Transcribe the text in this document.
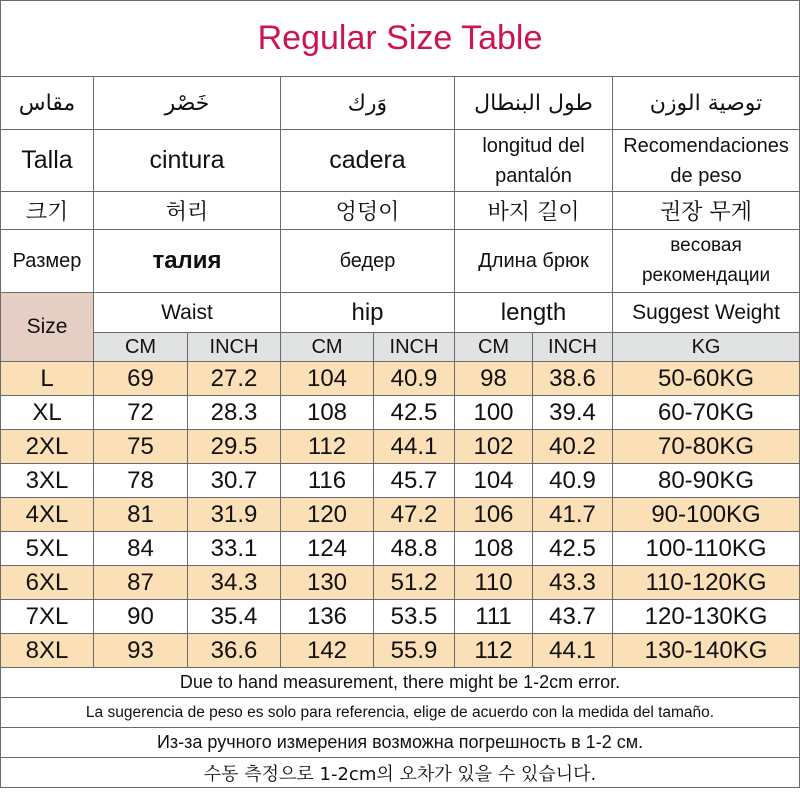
Regular Size Table							
مقاس	خَصْر		وَرك		طول البنطال		توصية الوزن
Talla	cintura		cadera		longitud del pantalón		Recomendaciones de peso
크기	허리		엉덩이		바지 길이		권장 무게
Размер	талия		бедер		Длина брюк		весовая рекомендации
Size	Waist		hip		length		Suggest Weight
	CM	INCH	CM	INCH	CM	INCH	KG
L	69	27.2	104	40.9	98	38.6	50-60KG
XL	72	28.3	108	42.5	100	39.4	60-70KG
2XL	75	29.5	112	44.1	102	40.2	70-80KG
3XL	78	30.7	116	45.7	104	40.9	80-90KG
4XL	81	31.9	120	47.2	106	41.7	90-100KG
5XL	84	33.1	124	48.8	108	42.5	100-110KG
6XL	87	34.3	130	51.2	110	43.3	110-120KG
7XL	90	35.4	136	53.5	111	43.7	120-130KG
8XL	93	36.6	142	55.9	112	44.1	130-140KG
Due to hand measurement, there might be 1-2cm error.							
La sugerencia de peso es solo para referencia, elige de acuerdo con la medida del tamaño.							
Из-за ручного измерения возможна погрешность в 1-2 см.							
수동 측정으로 1-2cm의 오차가 있을 수 있습니다.							
